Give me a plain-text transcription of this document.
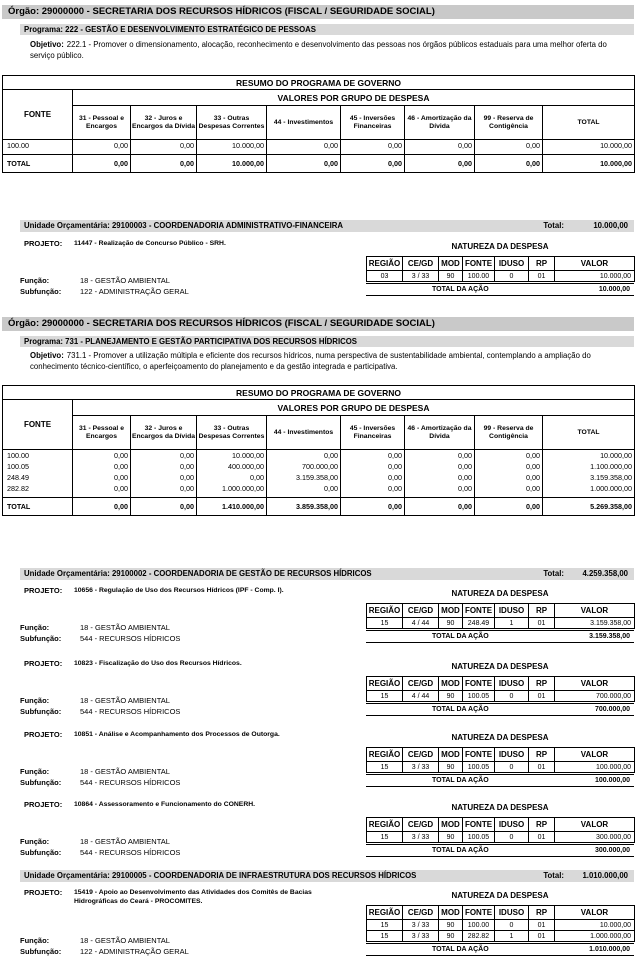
Órgão: 29000000 - SECRETARIA DOS RECURSOS HÍDRICOS (FISCAL / SEGURIDADE SOCIAL)
Programa: 222 - GESTÃO E DESENVOLVIMENTO ESTRATÉGICO DE PESSOAS
Objetivo: 222.1 - Promover o dimensionamento, alocação, reconhecimento e desenvolvimento das pessoas nos órgãos públicos estaduais para uma melhor oferta do serviço público.
RESUMO DO PROGRAMA DE GOVERNO								
FONTE	VALORES POR GRUPO DE DESPESA							
	31 - Pessoal e Encargos	32 - Juros e Encargos da Dívida	33 - Outras Despesas Correntes	44 - Investimentos	45 - Inversões Financeiras	46 - Amortização da Dívida	99 - Reserva de Contigência	TOTAL
100.00	0,00	0,00	10.000,00	0,00	0,00	0,00	0,00	10.000,00

TOTAL	0,00	0,00	10.000,00	0,00	0,00	0,00	0,00	10.000,00
Unidade Orçamentária: 29100003 - COORDENADORIA ADMINISTRATIVO-FINANCEIRA	Total:	10.000,00
PROJETO: 11447 - Realização de Concurso Público - SRH.	NATUREZA DA DESPESA
REGIÃO	CE/GD	MOD	FONTE	IDUSO	RP	VALOR
03	3 / 33	90	100.00	0	01	10.000,00
Função:	18 - GESTÃO AMBIENTAL
Subfunção:	122 - ADMINISTRAÇÃO GERAL	TOTAL DA AÇÃO	10.000,00
Órgão: 29000000 - SECRETARIA DOS RECURSOS HÍDRICOS (FISCAL / SEGURIDADE SOCIAL)
Programa: 731 - PLANEJAMENTO E GESTÃO PARTICIPATIVA DOS RECURSOS HÍDRICOS
Objetivo: 731.1 - Promover a utilização múltipla e eficiente dos recursos hídricos, numa perspectiva de sustentabilidade ambiental, contemplando a ampliação do conhecimento técnico-científico, o aperfeiçoamento do planejamento e da gestão integrada e participativa.
RESUMO DO PROGRAMA DE GOVERNO								
FONTE	VALORES POR GRUPO DE DESPESA							
	31 - Pessoal e Encargos	32 - Juros e Encargos da Dívida	33 - Outras Despesas Correntes	44 - Investimentos	45 - Inversões Financeiras	46 - Amortização da Dívida	99 - Reserva de Contigência	TOTAL
100.00	0,00	0,00	10.000,00	0,00	0,00	0,00	0,00	10.000,00
100.05	0,00	0,00	400.000,00	700.000,00	0,00	0,00	0,00	1.100.000,00
248.49	0,00	0,00	0,00	3.159.358,00	0,00	0,00	0,00	3.159.358,00
282.82	0,00	0,00	1.000.000,00	0,00	0,00	0,00	0,00	1.000.000,00

TOTAL	0,00	0,00	1.410.000,00	3.859.358,00	0,00	0,00	0,00	5.269.358,00
Unidade Orçamentária: 29100002 - COORDENADORIA DE GESTÃO DE RECURSOS HÍDRICOS	Total: 4.259.358,00
PROJETO: 10656 - Regulação de Uso dos Recursos Hídricos (IPF - Comp. I).	NATUREZA DA DESPESA
REGIÃO	CE/GD	MOD	FONTE	IDUSO	RP	VALOR
15	4 / 44	90	248.49	1	01	3.159.358,00
Função:	18 - GESTÃO AMBIENTAL
Subfunção:	544 - RECURSOS HÍDRICOS	TOTAL DA AÇÃO	3.159.358,00
PROJETO: 10823 - Fiscalização do Uso dos Recursos Hídricos.	NATUREZA DA DESPESA
REGIÃO	CE/GD	MOD	FONTE	IDUSO	RP	VALOR
15	4 / 44	90	100.05	0	01	700.000,00
Função:	18 - GESTÃO AMBIENTAL
Subfunção:	544 - RECURSOS HÍDRICOS	TOTAL DA AÇÃO	700.000,00
PROJETO: 10851 - Análise e Acompanhamento dos Processos de Outorga.	NATUREZA DA DESPESA
REGIÃO	CE/GD	MOD	FONTE	IDUSO	RP	VALOR
15	3 / 33	90	100.05	0	01	100.000,00
Função:	18 - GESTÃO AMBIENTAL
Subfunção:	544 - RECURSOS HÍDRICOS	TOTAL DA AÇÃO	100.000,00
PROJETO: 10864 - Assessoramento e Funcionamento do CONERH.	NATUREZA DA DESPESA
REGIÃO	CE/GD	MOD	FONTE	IDUSO	RP	VALOR
15	3 / 33	90	100.05	0	01	300.000,00
Função:	18 - GESTÃO AMBIENTAL
Subfunção:	544 - RECURSOS HÍDRICOS	TOTAL DA AÇÃO	300.000,00
Unidade Orçamentária: 29100005 - COORDENADORIA DE INFRAESTRUTURA DOS RECURSOS HÍDRICOS	Total: 1.010.000,00
PROJETO: 15419 - Apoio ao Desenvolvimento das Atividades dos Comitês de Bacias Hidrográficas do Ceará - PROCOMITES.
NATUREZA DA DESPESA
REGIÃO	CE/GD	MOD	FONTE	IDUSO	RP	VALOR
15	3 / 33	90	100.00	0	01	10.000,00
15	3 / 33	90	282.82	1	01	1.000.000,00
Função:	18 - GESTÃO AMBIENTAL
Subfunção:	122 - ADMINISTRAÇÃO GERAL	TOTAL DA AÇÃO	1.010.000,00
